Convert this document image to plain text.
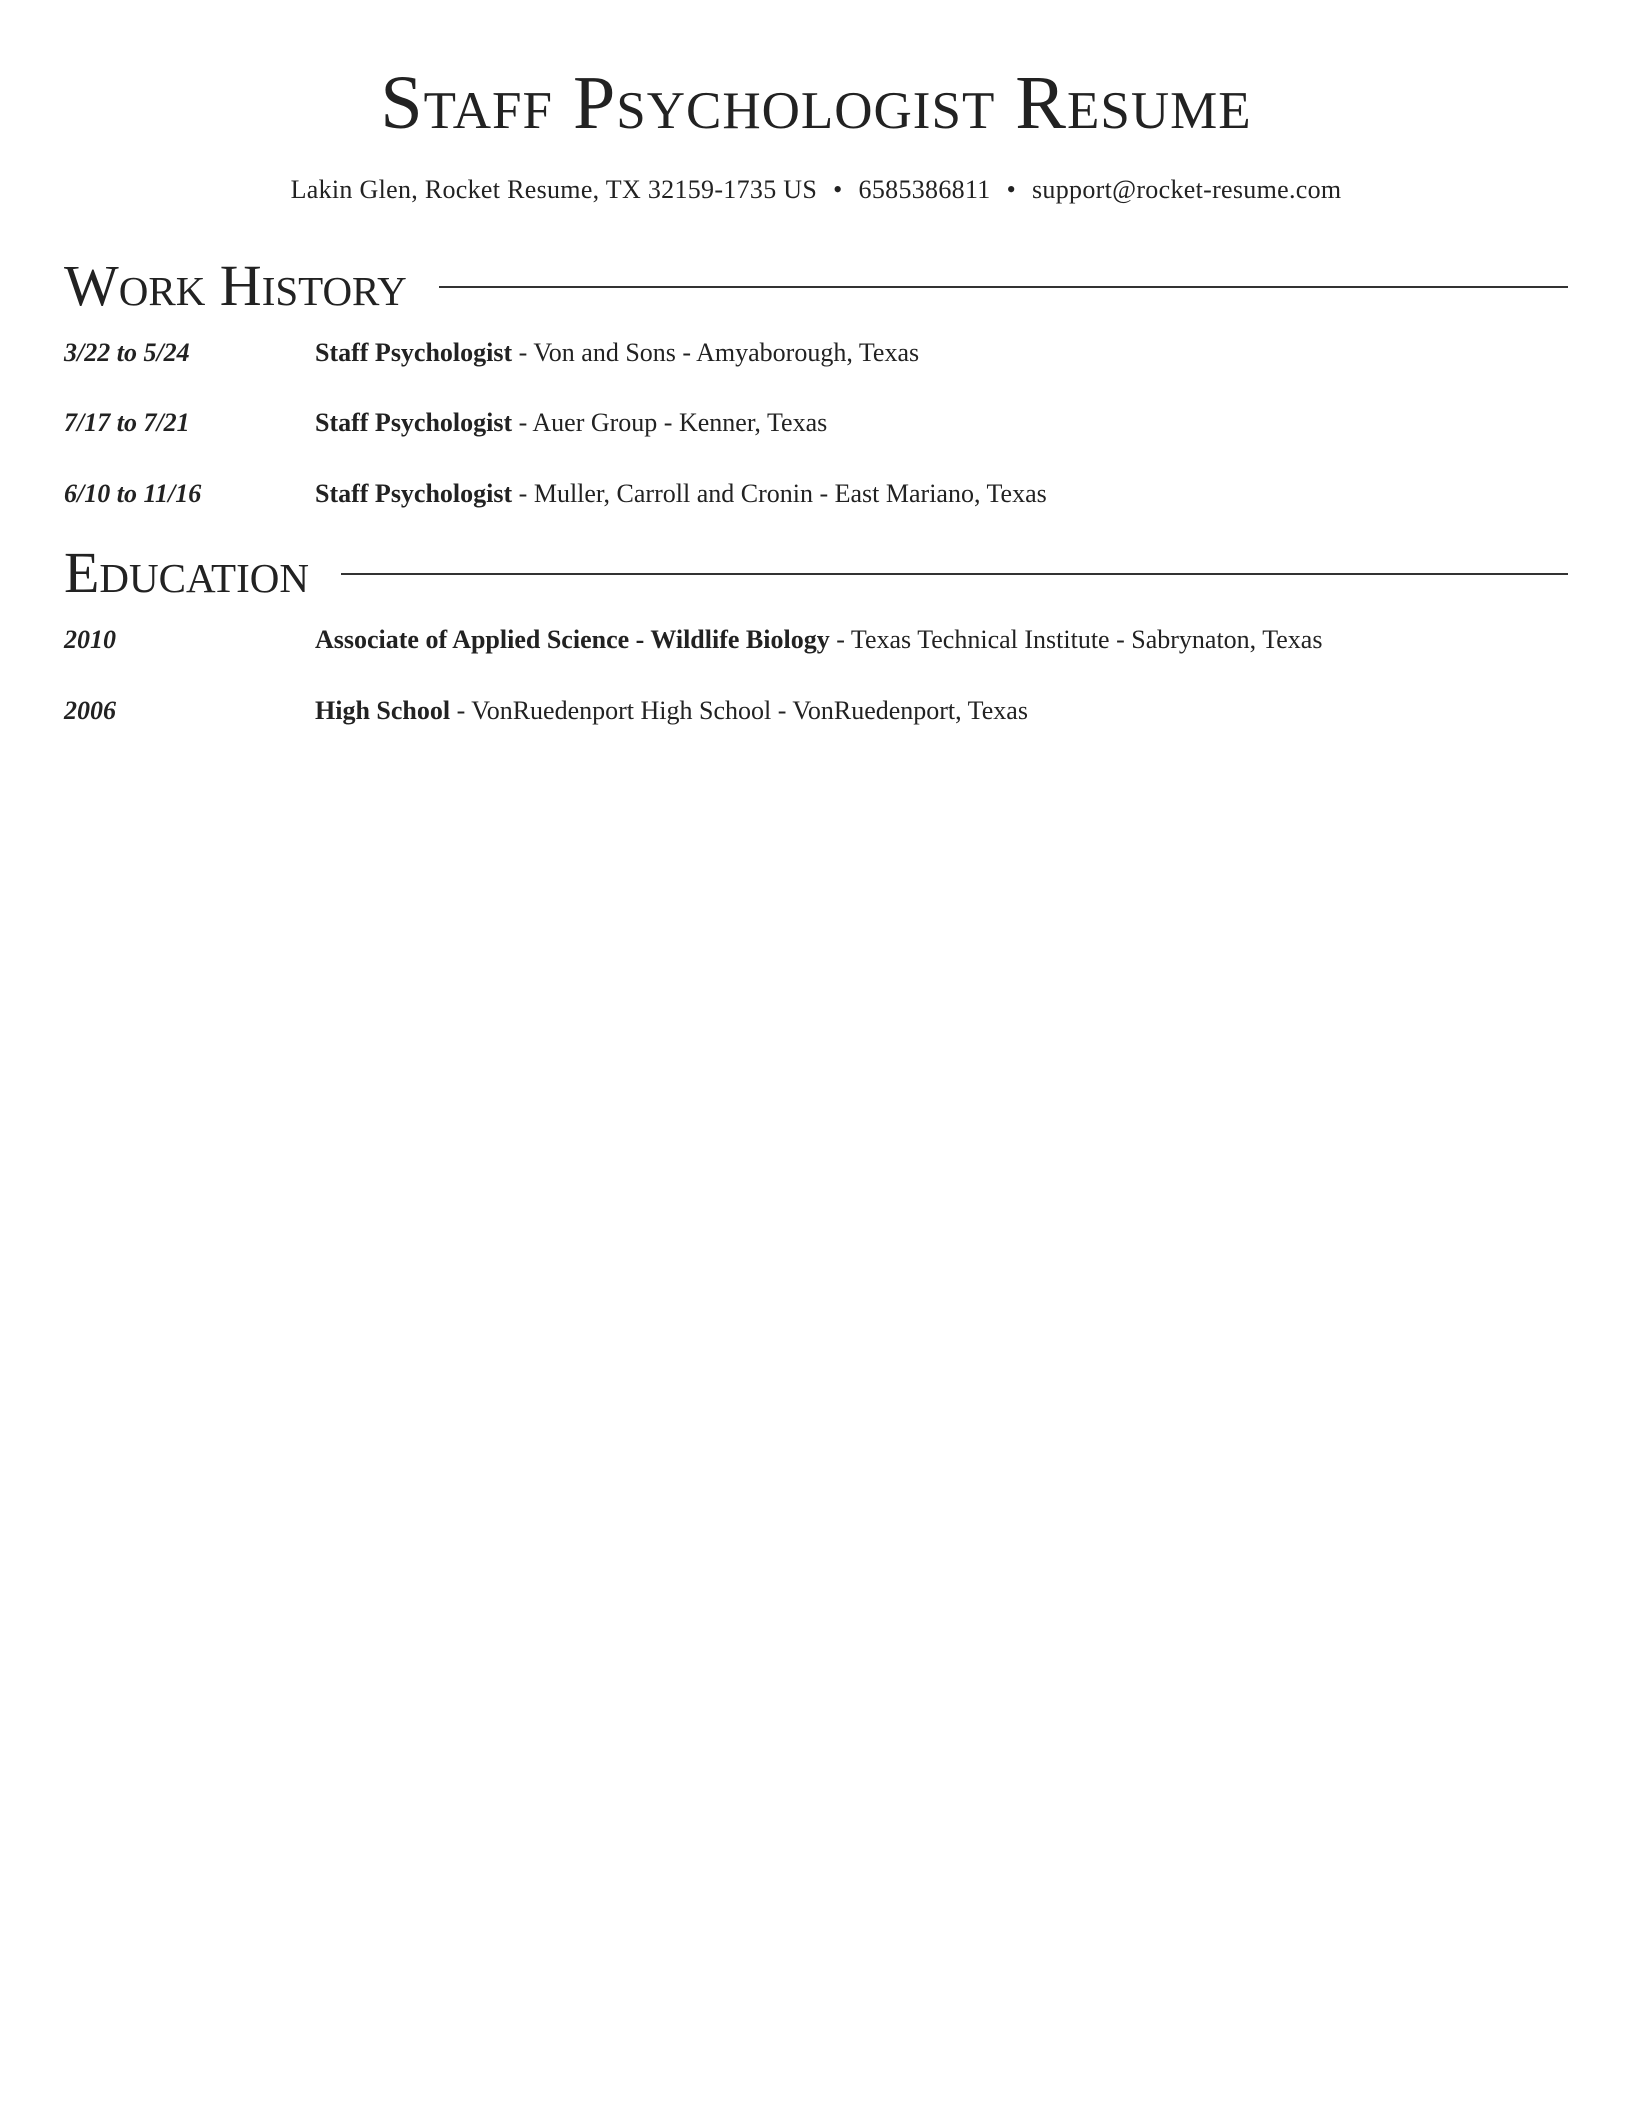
Staff Psychologist Resume
Lakin Glen, Rocket Resume, TX 32159-1735 US • 6585386811 • support@rocket-resume.com
Work History
3/22 to 5/24	Staff Psychologist - Von and Sons - Amyaborough, Texas
7/17 to 7/21	Staff Psychologist - Auer Group - Kenner, Texas
6/10 to 11/16	Staff Psychologist - Muller, Carroll and Cronin - East Mariano, Texas
Education
2010	Associate of Applied Science - Wildlife Biology - Texas Technical Institute - Sabrynaton, Texas
2006	High School - VonRuedenport High School - VonRuedenport, Texas
